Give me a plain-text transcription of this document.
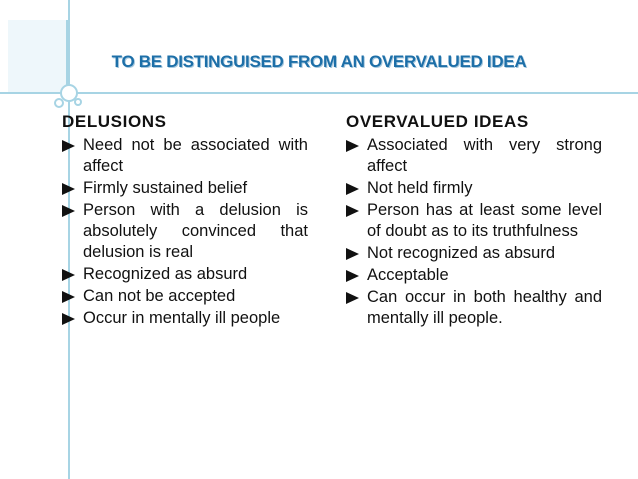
TO BE DISTINGUISED FROM AN OVERVALUED IDEA
DELUSIONS
Need not be associated with affect
Firmly sustained belief
Person with a delusion is absolutely convinced that delusion is real
Recognized as absurd
Can not be accepted
Occur in mentally ill people
OVERVALUED IDEAS
Associated with very strong affect
Not held firmly
Person has at least some level of doubt as to its truthfulness
Not recognized as absurd
Acceptable
Can occur in both healthy and mentally ill people.
